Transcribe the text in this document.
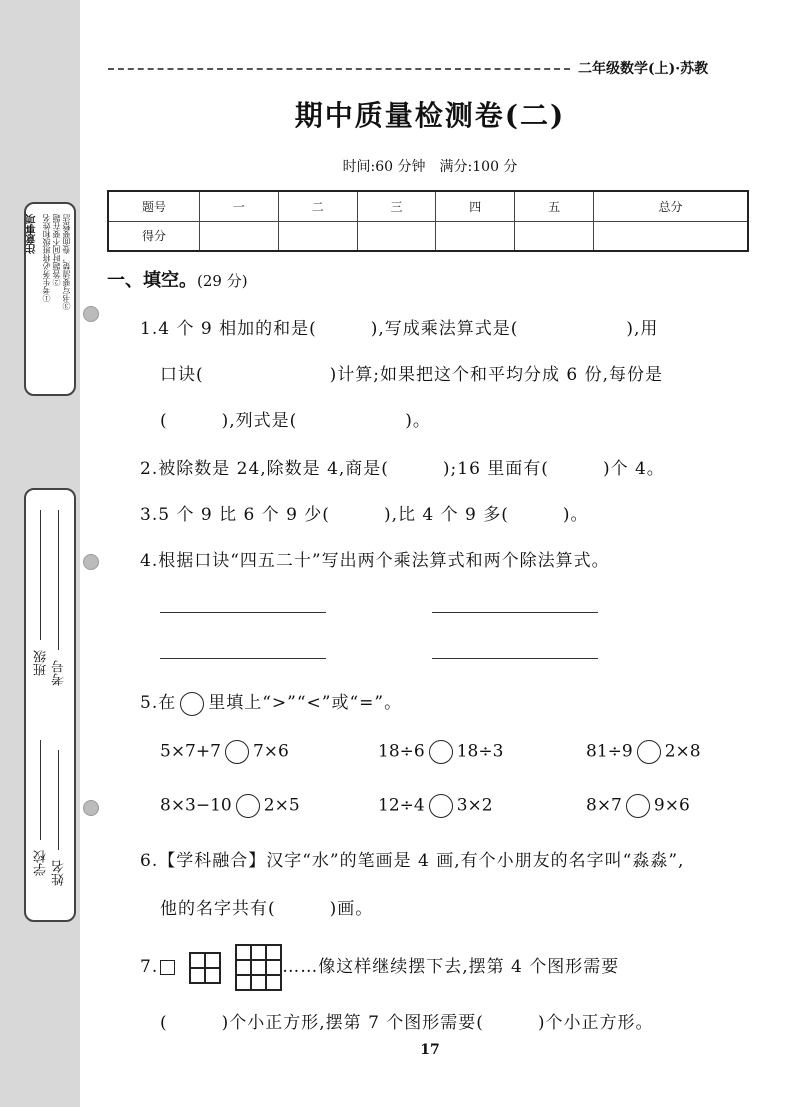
注意事项 ①考生务必将班级和姓名 ②答题时间不要在题 ③书写要清楚，卷面要整洁
学校 姓名
班级 考号
二年级数学(上)·苏教
期中质量检测卷(二)
时间:60 分钟　满分:100 分
题号	一	二	三	四	五	总分
得分						
一、填空。(29 分)
1.4 个 9 相加的和是(　　　),写成乘法算式是(　　　　　　),用
口诀(　　　　　　　)计算;如果把这个和平均分成 6 份,每份是
(　　　),列式是(　　　　　　)。
2.被除数是 24,除数是 4,商是(　　　);16 里面有(　　　)个 4。
3.5 个 9 比 6 个 9 少(　　　),比 4 个 9 多(　　　)。
4.根据口诀“四五二十”写出两个乘法算式和两个除法算式。
5.在 里填上“>”“<”或“=”。
5×7+7 7×6	18÷6 18÷3	81÷9 2×8
8×3−10 2×5	12÷4 3×2	8×7 9×6
6.【学科融合】汉字“水”的笔画是 4 画,有个小朋友的名字叫“淼淼”,
他的名字共有(　　　)画。
7.	……像这样继续摆下去,摆第 4 个图形需要
(　　　)个小正方形,摆第 7 个图形需要(　　　)个小正方形。
17
